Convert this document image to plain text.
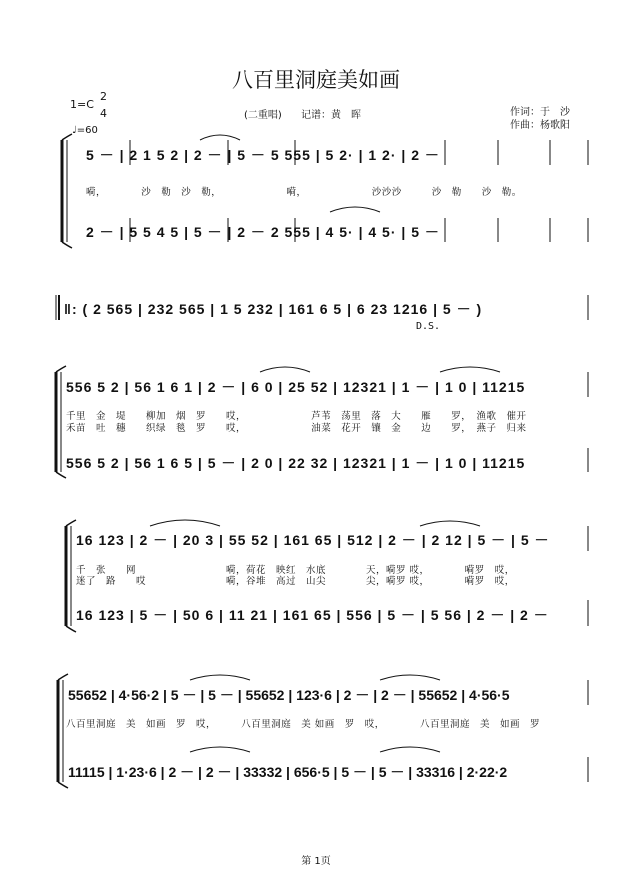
八百里洞庭美如画
1=C
2
4
♩=60
(二重唱) 记谱：黄　晖	作词：于　沙
作曲：杨歌阳
5 － | 2 1 5 2 | 2 － | 5 － 5 555 | 5 2· | 1 2· | 2 －
嗬，　　　　沙　勒　沙　勒，　　　　　　　嗬，　　　　　　　沙沙沙　　　沙　勒　　沙　勒。
2 － | 5 5 4 5 | 5 － | 2 － 2 555 | 4 5· | 4 5· | 5 －
‖: ( 2 565 | 232 565 | 1 5 232 | 161 6 5 | 6 23 1216 | 5 － )
D.S.
556 5 2 | 56 1 6 1 | 2 － | 6 0 | 25 52 | 12321 | 1 － | 1 0 | 11215
千里　金　堤　　柳加　烟　罗　　哎，　　　　　　　芦苇　荡里　落　大　　雁　　罗，　渔歌　催开
禾苗　吐　穗　　织绿　毯　罗　　哎，　　　　　　　油菜　花开　镶　金　　边　　罗，　燕子　归来
556 5 2 | 56 1 6 5 | 5 － | 2 0 | 22 32 | 12321 | 1 － | 1 0 | 11215
16 123 | 2 － | 20 3 | 55 52 | 161 65 | 512 | 2 － | 2 12 | 5 － | 5 －
千　张　　网　　　　　　　　　嗬，荷花　映红　水底　　　　天，嗬罗 哎，　　　　嗬罗　哎，
迷了　路　　哎　　　　　　　　嗬，谷堆　高过　山尖　　　　尖，嗬罗 哎，　　　　嗬罗　哎，
16 123 | 5 － | 50 6 | 11 21 | 161 65 | 556 | 5 － | 5 56 | 2 － | 2 －
55652 | 4·56·2 | 5 － | 5 － | 55652 | 123·6 | 2 － | 2 － | 55652 | 4·56·5
八百里洞庭　美　如画　罗　哎，　　　八百里洞庭　美 如画　罗　哎，　　　　八百里洞庭　美　如画　罗
11115 | 1·23·6 | 2 － | 2 － | 33332 | 656·5 | 5 － | 5 － | 33316 | 2·22·2
第 1页
